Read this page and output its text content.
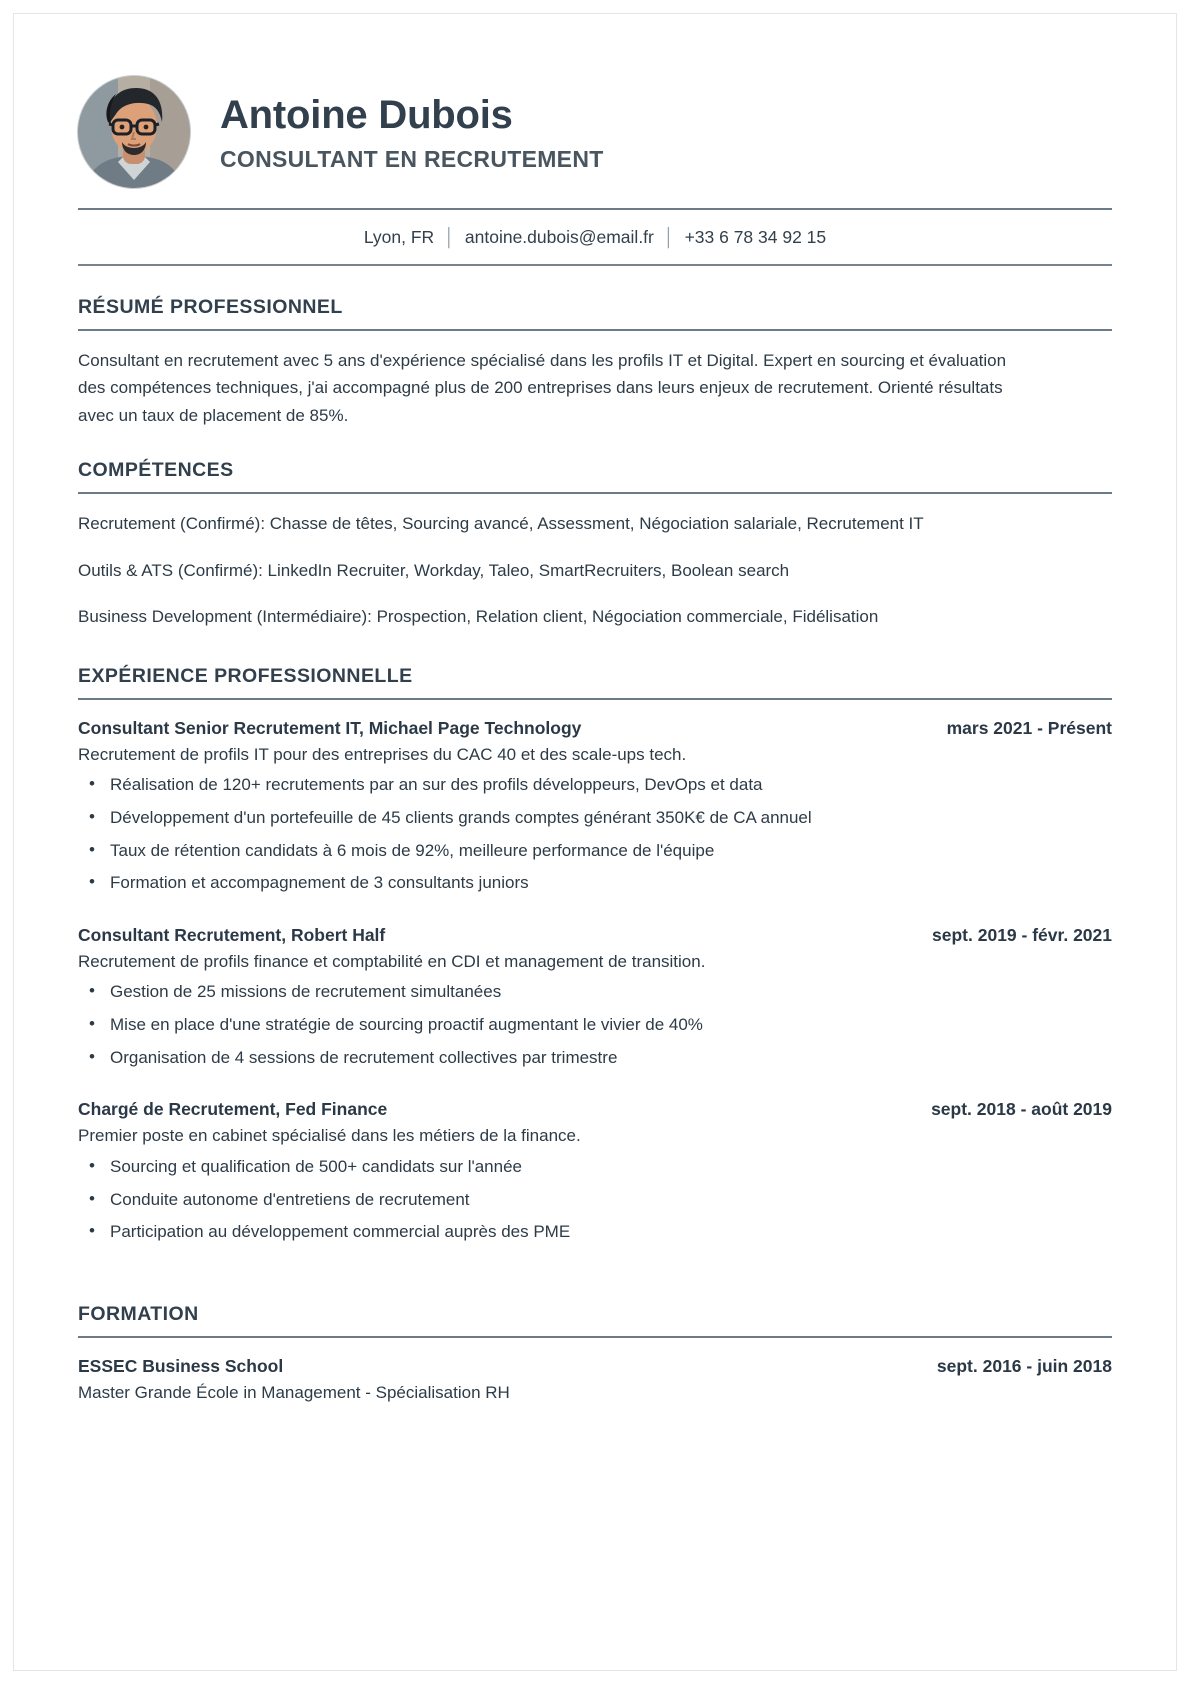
Antoine Dubois
CONSULTANT EN RECRUTEMENT
Lyon, FR │ antoine.dubois@email.fr │ +33 6 78 34 92 15
RÉSUMÉ PROFESSIONNEL

Consultant en recrutement avec 5 ans d'expérience spécialisé dans les profils IT et Digital. Expert en sourcing et évaluation des compétences techniques, j'ai accompagné plus de 200 entreprises dans leurs enjeux de recrutement. Orienté résultats avec un taux de placement de 85%.

COMPÉTENCES
Recrutement (Confirmé): Chasse de têtes, Sourcing avancé, Assessment, Négociation salariale, Recrutement IT
Outils & ATS (Confirmé): LinkedIn Recruiter, Workday, Taleo, SmartRecruiters, Boolean search
Business Development (Intermédiaire): Prospection, Relation client, Négociation commerciale, Fidélisation
EXPÉRIENCE PROFESSIONNELLE
Consultant Senior Recrutement IT, Michael Page Technology	mars 2021 - Présent
Recrutement de profils IT pour des entreprises du CAC 40 et des scale-ups tech.
• Réalisation de 120+ recrutements par an sur des profils développeurs, DevOps et data
• Développement d'un portefeuille de 45 clients grands comptes générant 350K€ de CA annuel
• Taux de rétention candidats à 6 mois de 92%, meilleure performance de l'équipe
• Formation et accompagnement de 3 consultants juniors
Consultant Recrutement, Robert Half	sept. 2019 - févr. 2021
Recrutement de profils finance et comptabilité en CDI et management de transition.
• Gestion de 25 missions de recrutement simultanées
• Mise en place d'une stratégie de sourcing proactif augmentant le vivier de 40%
• Organisation de 4 sessions de recrutement collectives par trimestre
Chargé de Recrutement, Fed Finance	sept. 2018 - août 2019
Premier poste en cabinet spécialisé dans les métiers de la finance.
• Sourcing et qualification de 500+ candidats sur l'année
• Conduite autonome d'entretiens de recrutement
• Participation au développement commercial auprès des PME
FORMATION
ESSEC Business School	sept. 2016 - juin 2018
Master Grande École in Management - Spécialisation RH
